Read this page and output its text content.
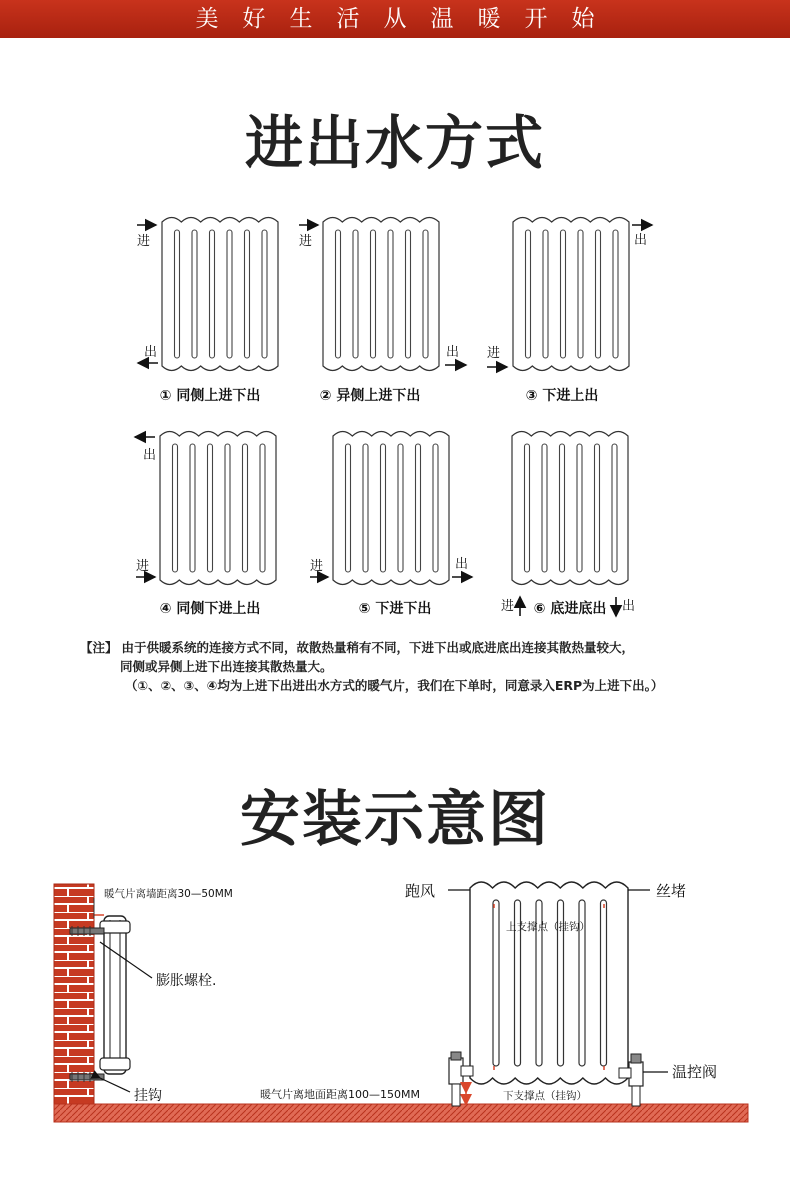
美好生活从温暖开始
进出水方式
进
出
① 同侧上进下出
进
出
② 异侧上进下出
进
出
③ 下进上出
出
进
④ 同侧下进上出
进	出
⑤ 下进下出	进	出
⑥ 底进底出
【注】 由于供暖系统的连接方式不同，故散热量稍有不同，下进下出或底进底出连接其散热量较大，
同侧或异侧上进下出连接其散热量大。
（①、②、③、④均为上进下出进出水方式的暖气片，我们在下单时，同意录入ERP为上进下出。）
安装示意图
暖气片离墙距离30—50MM
膨胀螺栓.
挂钩	暖气片离地面距离100—150MM
跑风	丝堵
上支撑点（挂钩）
下支撑点（挂钩）
温控阀
